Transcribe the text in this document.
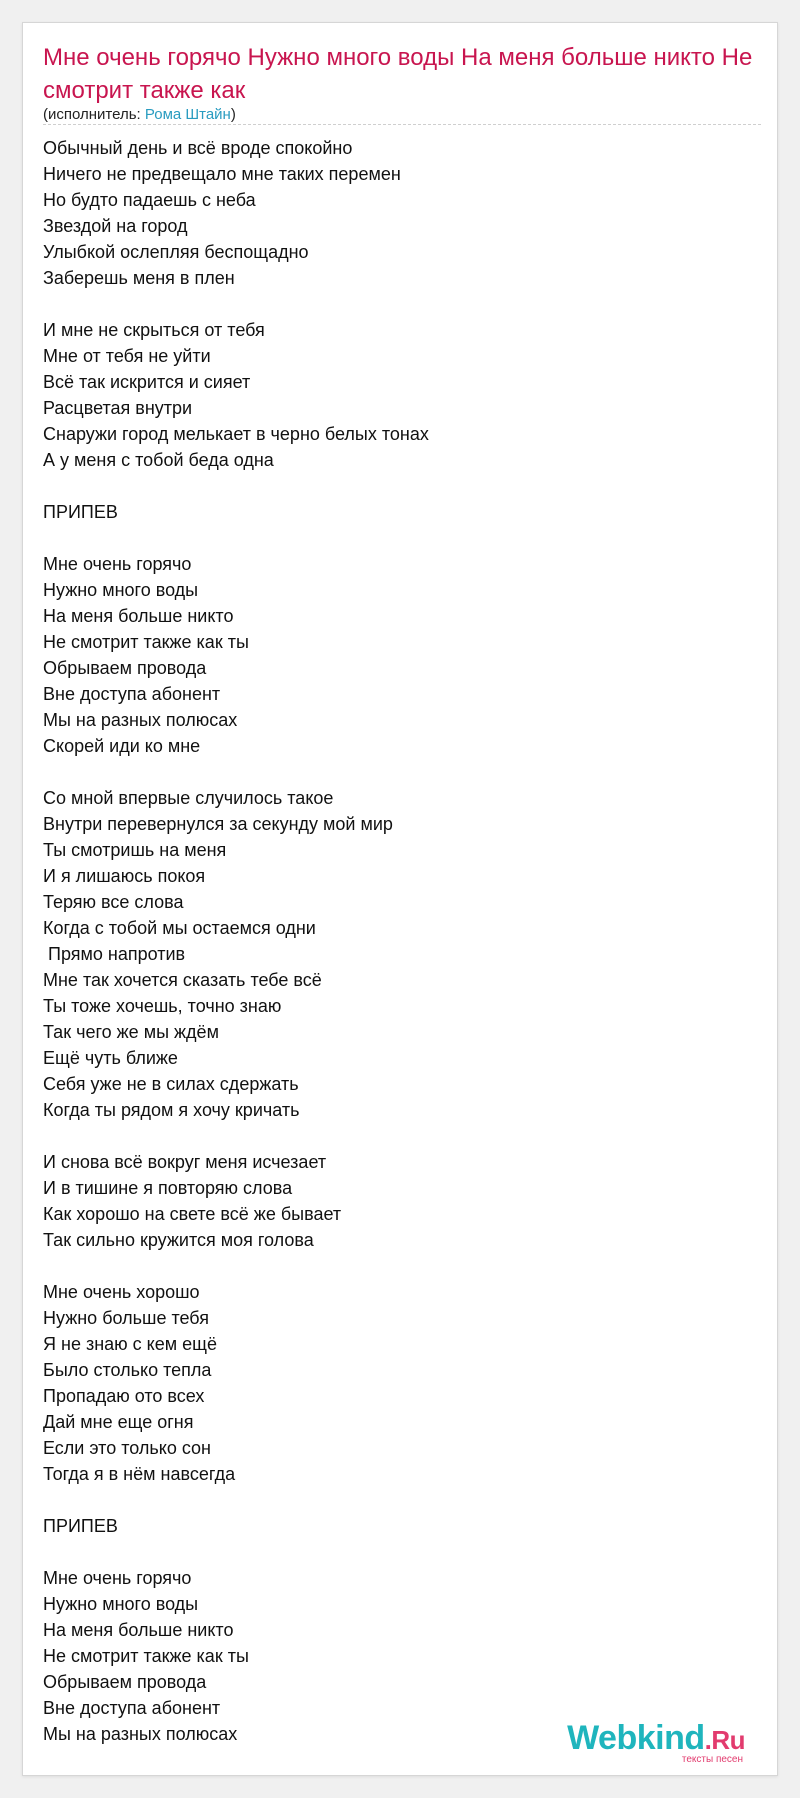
Мне очень горячо Нужно много воды На меня больше никто Не смотрит также как
(исполнитель: Рома Штайн)
Обычный день и всё вроде спокойно
Ничего не предвещало мне таких перемен
Но будто падаешь с неба
Звездой на город
Улыбкой ослепляя беспощадно
Заберешь меня в плен
И мне не скрыться от тебя
Мне от тебя не уйти
Всё так искрится и сияет
Расцветая внутри
Снаружи город мелькает в черно белых тонах
А у меня с тобой беда одна
ПРИПЕВ
Мне очень горячо
Нужно много воды
На меня больше никто
Не смотрит также как ты
Обрываем провода
Вне доступа абонент
Мы на разных полюсах
Скорей иди ко мне
Со мной впервые случилось такое
Внутри перевернулся за секунду мой мир
Ты смотришь на меня
И я лишаюсь покоя
Теряю все слова
Когда с тобой мы остаемся одни
Прямо напротив
Мне так хочется сказать тебе всё
Ты тоже хочешь, точно знаю
Так чего же мы ждём
Ещё чуть ближе
Себя уже не в силах сдержать
Когда ты рядом я хочу кричать
И снова всё вокруг меня исчезает
И в тишине я повторяю слова
Как хорошо на свете всё же бывает
Так сильно кружится моя голова
Мне очень хорошо
Нужно больше тебя
Я не знаю с кем ещё
Было столько тепла
Пропадаю ото всех
Дай мне еще огня
Если это только сон
Тогда я в нём навсегда
ПРИПЕВ
Мне очень горячо
Нужно много воды
На меня больше никто
Не смотрит также как ты
Обрываем провода
Вне доступа абонент
Мы на разных полюсах	Webkind.Ru
тексты песен
